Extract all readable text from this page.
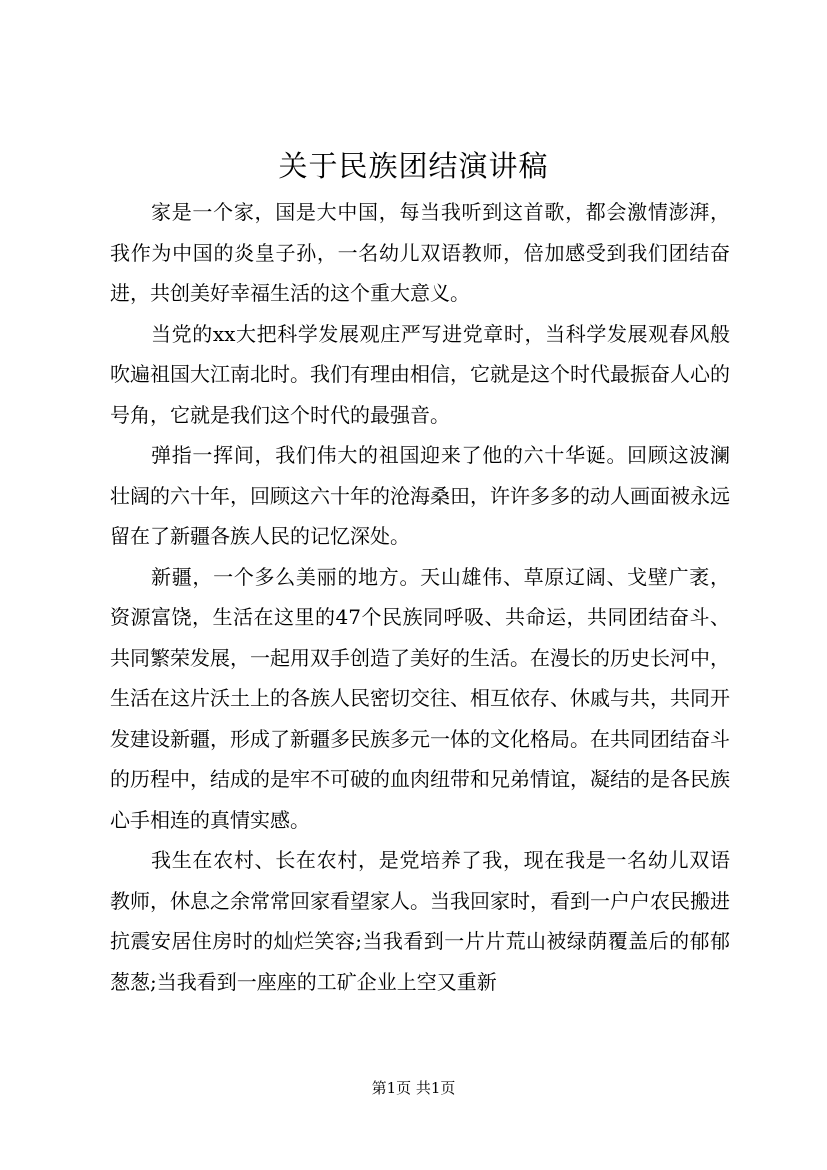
关于民族团结演讲稿

家是一个家，国是大中国，每当我听到这首歌，都会激情澎湃，我作为中国的炎皇子孙，一名幼儿双语教师，倍加感受到我们团结奋进，共创美好幸福生活的这个重大意义。

当党的xx大把科学发展观庄严写进党章时，当科学发展观春风般吹遍祖国大江南北时。我们有理由相信，它就是这个时代最振奋人心的号角，它就是我们这个时代的最强音。

弹指一挥间，我们伟大的祖国迎来了他的六十华诞。回顾这波澜壮阔的六十年，回顾这六十年的沧海桑田，许许多多的动人画面被永远留在了新疆各族人民的记忆深处。

新疆，一个多么美丽的地方。天山雄伟、草原辽阔、戈壁广袤，资源富饶，生活在这里的47个民族同呼吸、共命运，共同团结奋斗、共同繁荣发展，一起用双手创造了美好的生活。在漫长的历史长河中，生活在这片沃土上的各族人民密切交往、相互依存、休戚与共，共同开发建设新疆，形成了新疆多民族多元一体的文化格局。在共同团结奋斗的历程中，结成的是牢不可破的血肉纽带和兄弟情谊，凝结的是各民族心手相连的真情实感。

我生在农村、长在农村，是党培养了我，现在我是一名幼儿双语教师，休息之余常常回家看望家人。当我回家时，看到一户户农民搬进抗震安居住房时的灿烂笑容;当我看到一片片荒山被绿荫覆盖后的郁郁葱葱;当我看到一座座的工矿企业上空又重新

第1页 共1页
